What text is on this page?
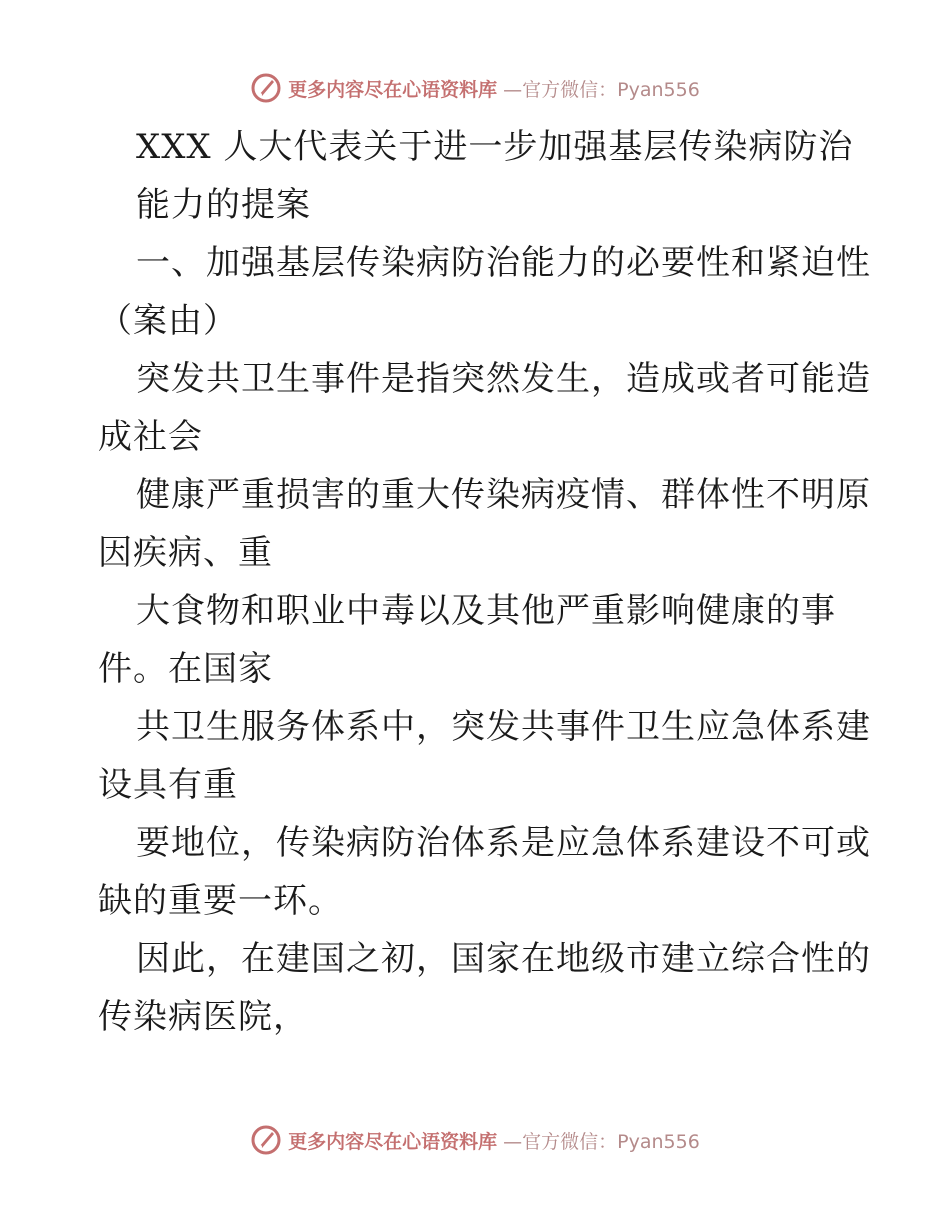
更多内容尽在心语资料库 —官方微信：Pyan556
XXX 人大代表关于进一步加强基层传染病防治
能力的提案
一、加强基层传染病防治能力的必要性和紧迫性
（案由）
突发共卫生事件是指突然发生，造成或者可能造
成社会
健康严重损害的重大传染病疫情、群体性不明原
因疾病、重
大食物和职业中毒以及其他严重影响健康的事
件。在国家
共卫生服务体系中，突发共事件卫生应急体系建
设具有重
要地位，传染病防治体系是应急体系建设不可或
缺的重要一环。
因此，在建国之初，国家在地级市建立综合性的
传染病医院，
更多内容尽在心语资料库 —官方微信：Pyan556
